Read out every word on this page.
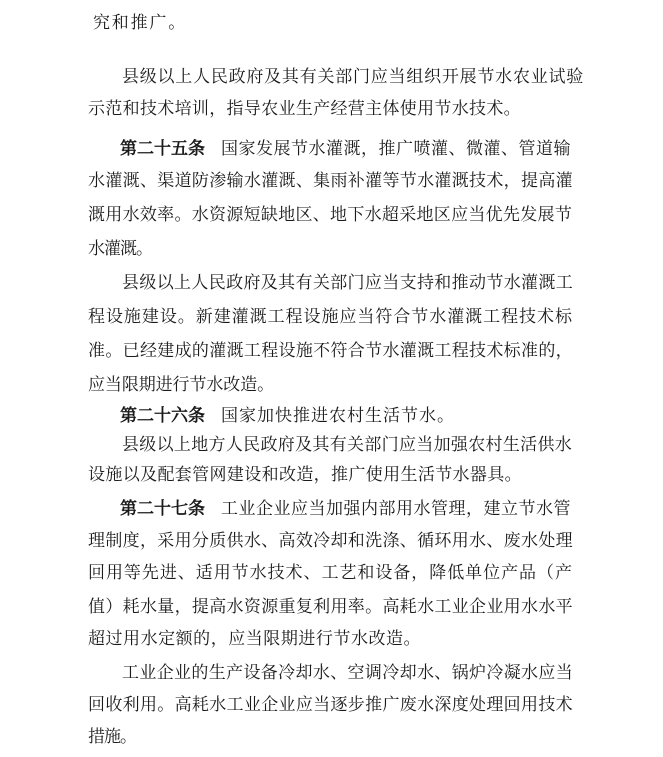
究和推广。
县级以上人民政府及其有关部门应当组织开展节水农业试验
示范和技术培训，指导农业生产经营主体使用节水技术。
第二十五条 国家发展节水灌溉，推广喷灌、微灌、管道输
水灌溉、渠道防渗输水灌溉、集雨补灌等节水灌溉技术，提高灌
溉用水效率。水资源短缺地区、地下水超采地区应当优先发展节
水灌溉。
县级以上人民政府及其有关部门应当支持和推动节水灌溉工
程设施建设。新建灌溉工程设施应当符合节水灌溉工程技术标
准。已经建成的灌溉工程设施不符合节水灌溉工程技术标准的，
应当限期进行节水改造。
第二十六条 国家加快推进农村生活节水。
县级以上地方人民政府及其有关部门应当加强农村生活供水
设施以及配套管网建设和改造，推广使用生活节水器具。
第二十七条 工业企业应当加强内部用水管理，建立节水管
理制度，采用分质供水、高效冷却和洗涤、循环用水、废水处理
回用等先进、适用节水技术、工艺和设备，降低单位产品（产
值）耗水量，提高水资源重复利用率。高耗水工业企业用水水平
超过用水定额的，应当限期进行节水改造。
工业企业的生产设备冷却水、空调冷却水、锅炉冷凝水应当
回收利用。高耗水工业企业应当逐步推广废水深度处理回用技术
措施。
